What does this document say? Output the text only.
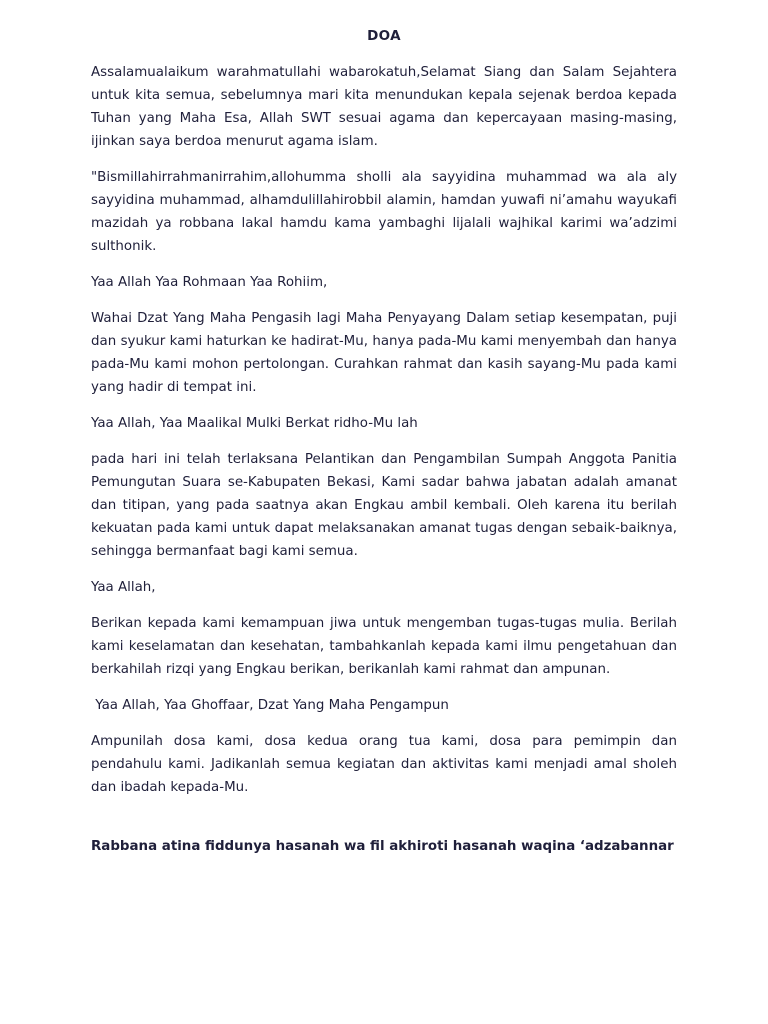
DOA

Assalamualaikum warahmatullahi wabarokatuh,Selamat Siang dan Salam Sejahtera untuk kita semua, sebelumnya mari kita menundukan kepala sejenak berdoa kepada Tuhan yang Maha Esa, Allah SWT sesuai agama dan kepercayaan masing-masing, ijinkan saya berdoa menurut agama islam.

"Bismillahirrahmanirrahim,allohumma sholli ala sayyidina muhammad wa ala aly sayyidina muhammad, alhamdulillahirobbil alamin, hamdan yuwafi ni’amahu wayukafi mazidah ya robbana lakal hamdu kama yambaghi lijalali wajhikal karimi wa’adzimi sulthonik.

Yaa Allah Yaa Rohmaan Yaa Rohiim,

Wahai Dzat Yang Maha Pengasih lagi Maha Penyayang Dalam setiap kesempatan, puji dan syukur kami haturkan ke hadirat-Mu, hanya pada-Mu kami menyembah dan hanya pada-Mu kami mohon pertolongan. Curahkan rahmat dan kasih sayang-Mu pada kami yang hadir di tempat ini.

Yaa Allah, Yaa Maalikal Mulki Berkat ridho-Mu lah

pada hari ini telah terlaksana Pelantikan dan Pengambilan Sumpah Anggota Panitia Pemungutan Suara se-Kabupaten Bekasi, Kami sadar bahwa jabatan adalah amanat dan titipan, yang pada saatnya akan Engkau ambil kembali. Oleh karena itu berilah kekuatan pada kami untuk dapat melaksanakan amanat tugas dengan sebaik-baiknya, sehingga bermanfaat bagi kami semua.

Yaa Allah,

Berikan kepada kami kemampuan jiwa untuk mengemban tugas-tugas mulia. Berilah kami keselamatan dan kesehatan, tambahkanlah kepada kami ilmu pengetahuan dan berkahilah rizqi yang Engkau berikan, berikanlah kami rahmat dan ampunan.

Yaa Allah, Yaa Ghoffaar, Dzat Yang Maha Pengampun

Ampunilah dosa kami, dosa kedua orang tua kami, dosa para pemimpin dan pendahulu kami. Jadikanlah semua kegiatan dan aktivitas kami menjadi amal sholeh dan ibadah kepada-Mu.

Rabbana atina fiddunya hasanah wa fil akhiroti hasanah waqina ‘adzabannar
